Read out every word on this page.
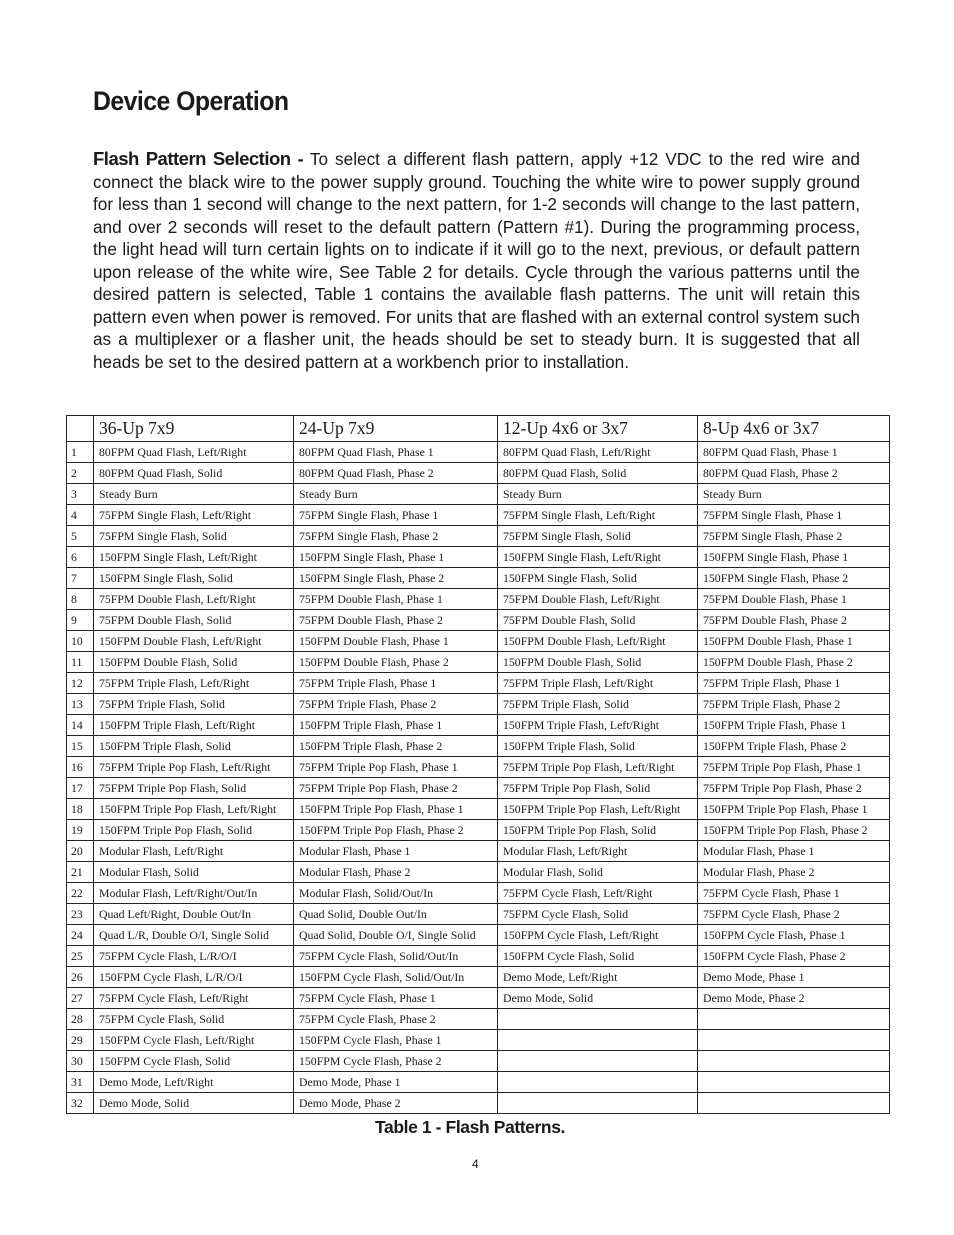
Device Operation

Flash Pattern Selection - To select a different flash pattern, apply +12 VDC to the red wire and connect the black wire to the power supply ground. Touching the white wire to power supply ground for less than 1 second will change to the next pattern, for 1-2 seconds will change to the last pattern, and over 2 seconds will reset to the default pattern (Pattern #1). During the programming process, the light head will turn certain lights on to indicate if it will go to the next, previous, or default pattern upon release of the white wire, See Table 2 for details. Cycle through the various patterns until the desired pattern is selected, Table 1 contains the available flash patterns. The unit will retain this pattern even when power is removed. For units that are flashed with an external control system such as a multiplexer or a flasher unit, the heads should be set to steady burn. It is suggested that all heads be set to the desired pattern at a workbench prior to installation.

	36-Up 7x9	24-Up 7x9	12-Up 4x6 or 3x7	8-Up 4x6 or 3x7
1	80FPM Quad Flash, Left/Right	80FPM Quad Flash, Phase 1	80FPM Quad Flash, Left/Right	80FPM Quad Flash, Phase 1
2	80FPM Quad Flash, Solid	80FPM Quad Flash, Phase 2	80FPM Quad Flash, Solid	80FPM Quad Flash, Phase 2
3	Steady Burn	Steady Burn	Steady Burn	Steady Burn
4	75FPM Single Flash, Left/Right	75FPM Single Flash, Phase 1	75FPM Single Flash, Left/Right	75FPM Single Flash, Phase 1
5	75FPM Single Flash, Solid	75FPM Single Flash, Phase 2	75FPM Single Flash, Solid	75FPM Single Flash, Phase 2
6	150FPM Single Flash, Left/Right	150FPM Single Flash, Phase 1	150FPM Single Flash, Left/Right	150FPM Single Flash, Phase 1
7	150FPM Single Flash, Solid	150FPM Single Flash, Phase 2	150FPM Single Flash, Solid	150FPM Single Flash, Phase 2
8	75FPM Double Flash, Left/Right	75FPM Double Flash, Phase 1	75FPM Double Flash, Left/Right	75FPM Double Flash, Phase 1
9	75FPM Double Flash, Solid	75FPM Double Flash, Phase 2	75FPM Double Flash, Solid	75FPM Double Flash, Phase 2
10	150FPM Double Flash, Left/Right	150FPM Double Flash, Phase 1	150FPM Double Flash, Left/Right	150FPM Double Flash, Phase 1
11	150FPM Double Flash, Solid	150FPM Double Flash, Phase 2	150FPM Double Flash, Solid	150FPM Double Flash, Phase 2
12	75FPM Triple Flash, Left/Right	75FPM Triple Flash, Phase 1	75FPM Triple Flash, Left/Right	75FPM Triple Flash, Phase 1
13	75FPM Triple Flash, Solid	75FPM Triple Flash, Phase 2	75FPM Triple Flash, Solid	75FPM Triple Flash, Phase 2
14	150FPM Triple Flash, Left/Right	150FPM Triple Flash, Phase 1	150FPM Triple Flash, Left/Right	150FPM Triple Flash, Phase 1
15	150FPM Triple Flash, Solid	150FPM Triple Flash, Phase 2	150FPM Triple Flash, Solid	150FPM Triple Flash, Phase 2
16	75FPM Triple Pop Flash, Left/Right	75FPM Triple Pop Flash, Phase 1	75FPM Triple Pop Flash, Left/Right	75FPM Triple Pop Flash, Phase 1
17	75FPM Triple Pop Flash, Solid	75FPM Triple Pop Flash, Phase 2	75FPM Triple Pop Flash, Solid	75FPM Triple Pop Flash, Phase 2
18	150FPM Triple Pop Flash, Left/Right	150FPM Triple Pop Flash, Phase 1	150FPM Triple Pop Flash, Left/Right	150FPM Triple Pop Flash, Phase 1
19	150FPM Triple Pop Flash, Solid	150FPM Triple Pop Flash, Phase 2	150FPM Triple Pop Flash, Solid	150FPM Triple Pop Flash, Phase 2
20	Modular Flash, Left/Right	Modular Flash, Phase 1	Modular Flash, Left/Right	Modular Flash, Phase 1
21	Modular Flash, Solid	Modular Flash, Phase 2	Modular Flash, Solid	Modular Flash, Phase 2
22	Modular Flash, Left/Right/Out/In	Modular Flash, Solid/Out/In	75FPM Cycle Flash, Left/Right	75FPM Cycle Flash, Phase 1
23	Quad Left/Right, Double Out/In	Quad Solid, Double Out/In	75FPM Cycle Flash, Solid	75FPM Cycle Flash, Phase 2
24	Quad L/R, Double O/I, Single Solid	Quad Solid, Double O/I, Single Solid	150FPM Cycle Flash, Left/Right	150FPM Cycle Flash, Phase 1
25	75FPM Cycle Flash, L/R/O/I	75FPM Cycle Flash, Solid/Out/In	150FPM Cycle Flash, Solid	150FPM Cycle Flash, Phase 2
26	150FPM Cycle Flash, L/R/O/I	150FPM Cycle Flash, Solid/Out/In	Demo Mode, Left/Right	Demo Mode, Phase 1
27	75FPM Cycle Flash, Left/Right	75FPM Cycle Flash, Phase 1	Demo Mode, Solid	Demo Mode, Phase 2
28	75FPM Cycle Flash, Solid	75FPM Cycle Flash, Phase 2		
29	150FPM Cycle Flash, Left/Right	150FPM Cycle Flash, Phase 1		
30	150FPM Cycle Flash, Solid	150FPM Cycle Flash, Phase 2		
31	Demo Mode, Left/Right	Demo Mode, Phase 1		
32	Demo Mode, Solid	Demo Mode, Phase 2		
Table 1 - Flash Patterns.
4
